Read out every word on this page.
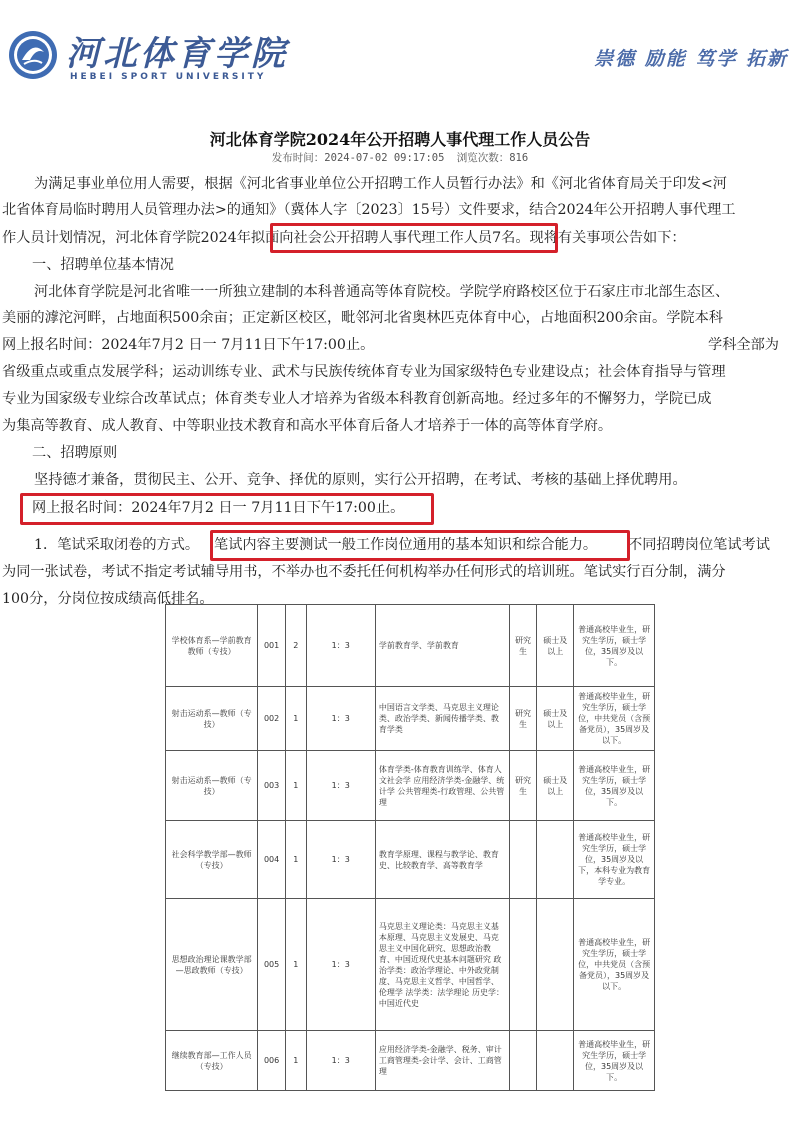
河北体育学院
HEBEI SPORT UNIVERSITY
崇德 励能 笃学 拓新
河北体育学院2024年公开招聘人事代理工作人员公告
发布时间：2024-07-02 09:17:05 浏览次数：816
为满足事业单位用人需要，根据《河北省事业单位公开招聘工作人员暂行办法》和《河北省体育局关于印发<河
北省体育局临时聘用人员管理办法>的通知》（冀体人字〔2023〕15号）文件要求，结合2024年公开招聘人事代理工
作人员计划情况，河北体育学院2024年拟面向社会公开招聘人事代理工作人员7名。现将有关事项公告如下：
一、招聘单位基本情况
河北体育学院是河北省唯一一所独立建制的本科普通高等体育院校。学院学府路校区位于石家庄市北部生态区、
美丽的滹沱河畔，占地面积500余亩；正定新区校区，毗邻河北省奥林匹克体育中心，占地面积200余亩。学院本科
网上报名时间：2024年7月2 日一 7月11日下午17:00止。	学科全部为
省级重点或重点发展学科；运动训练专业、武术与民族传统体育专业为国家级特色专业建设点；社会体育指导与管理
专业为国家级专业综合改革试点；体育类专业人才培养为省级本科教育创新高地。经过多年的不懈努力，学院已成
为集高等教育、成人教育、中等职业技术教育和高水平体育后备人才培养于一体的高等体育学府。
二、招聘原则
坚持德才兼备，贯彻民主、公开、竞争、择优的原则，实行公开招聘，在考试、考核的基础上择优聘用。
网上报名时间：2024年7月2 日一 7月11日下午17:00止。
1．笔试采取闭卷的方式。 笔试内容主要测试一般工作岗位通用的基本知识和综合能力。 不同招聘岗位笔试考试
为同一张试卷，考试不指定考试辅导用书，不举办也不委托任何机构举办任何形式的培训班。笔试实行百分制，满分
100分，分岗位按成绩高低排名。
学校体育系—学前教育教师（专技）	001	2	1：3	学前教育学、学前教育	研究生	硕士及以上	普通高校毕业生，研究生学历，硕士学位，35周岁及以下。
射击运动系—教师（专技）	002	1	1：3	中国语言文学类、马克思主义理论类、政治学类、新闻传播学类、教育学类	研究生	硕士及以上	普通高校毕业生，研究生学历，硕士学位，中共党员（含预备党员），35周岁及以下。
射击运动系—教师（专技）	003	1	1：3	体育学类-体育教育训练学、体育人文社会学 应用经济学类-金融学、统计学 公共管理类-行政管理、公共管理	研究生	硕士及以上	普通高校毕业生，研究生学历，硕士学位，35周岁及以下。
社会科学教学部—教师（专技）	004	1	1：3	教育学原理、课程与教学论、教育史、比较教育学、高等教育学			普通高校毕业生，研究生学历，硕士学位，35周岁及以下，本科专业为教育学专业。
思想政治理论课教学部—思政教师（专技）	005	1	1：3	马克思主义理论类：马克思主义基本原理、马克思主义发展史、马克思主义中国化研究、思想政治教育、中国近现代史基本问题研究 政治学类：政治学理论、中外政党制度、马克思主义哲学、中国哲学、伦理学 法学类：法学理论 历史学：中国近代史			普通高校毕业生，研究生学历，硕士学位，中共党员（含预备党员），35周岁及以下。
继续教育部—工作人员（专技）	006	1	1：3	应用经济学类-金融学、税务、审计 工商管理类-会计学、会计、工商管理			普通高校毕业生，研究生学历，硕士学位，35周岁及以下。
